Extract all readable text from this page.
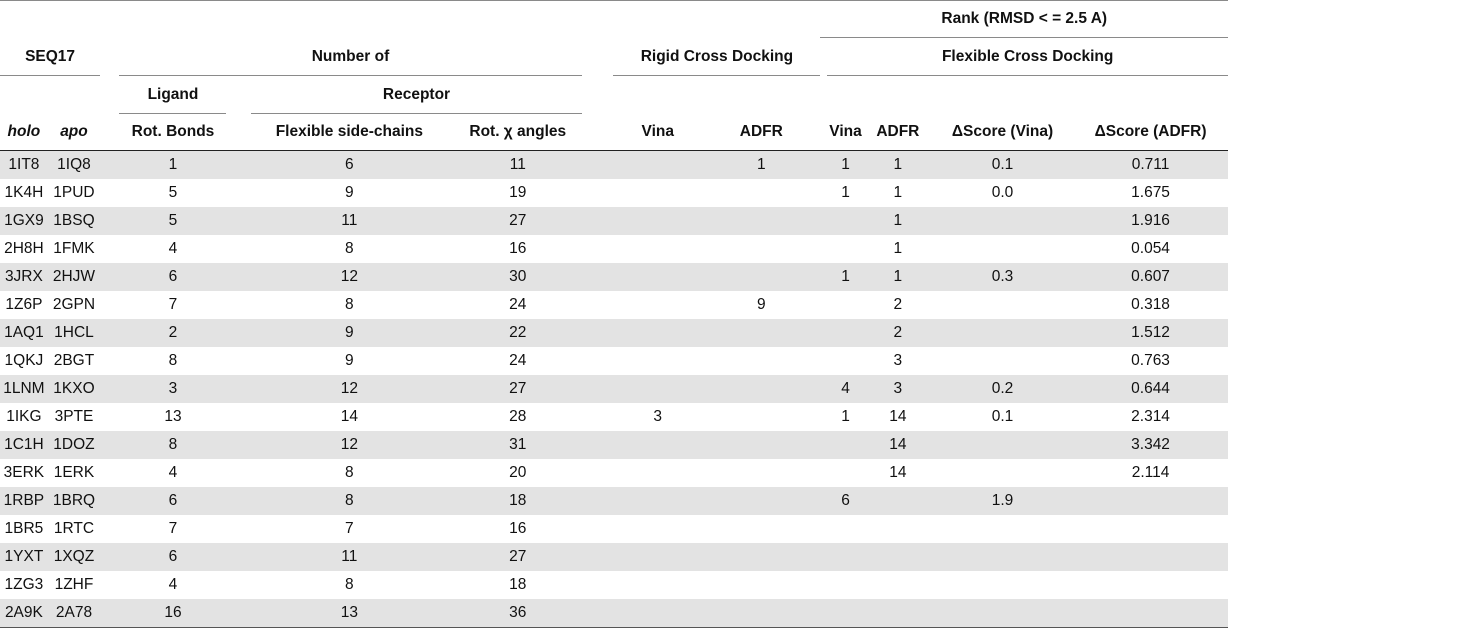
											Rank (RMSD < = 2.5 A)				
SEQ17			Number of						Rigid Cross Docking			Flexible Cross Docking			
			Ligand		Receptor										
holo	apo		Rot. Bonds		Flexible side-chains		Rot. χ angles		Vina	ADFR		Vina	ADFR	ΔScore (Vina)	ΔScore (ADFR)
1IT8	1IQ8		1		6		11			1		1	1	0.1	0.711
1K4H	1PUD		5		9		19					1	1	0.0	1.675
1GX9	1BSQ		5		11		27						1		1.916
2H8H	1FMK		4		8		16						1		0.054
3JRX	2HJW		6		12		30					1	1	0.3	0.607
1Z6P	2GPN		7		8		24			9			2		0.318
1AQ1	1HCL		2		9		22						2		1.512
1QKJ	2BGT		8		9		24						3		0.763
1LNM	1KXO		3		12		27					4	3	0.2	0.644
1IKG	3PTE		13		14		28		3			1	14	0.1	2.314
1C1H	1DOZ		8		12		31						14		3.342
3ERK	1ERK		4		8		20						14		2.114
1RBP	1BRQ		6		8		18					6		1.9	
1BR5	1RTC		7		7		16								
1YXT	1XQZ		6		11		27								
1ZG3	1ZHF		4		8		18								
2A9K	2A78		16		13		36								
